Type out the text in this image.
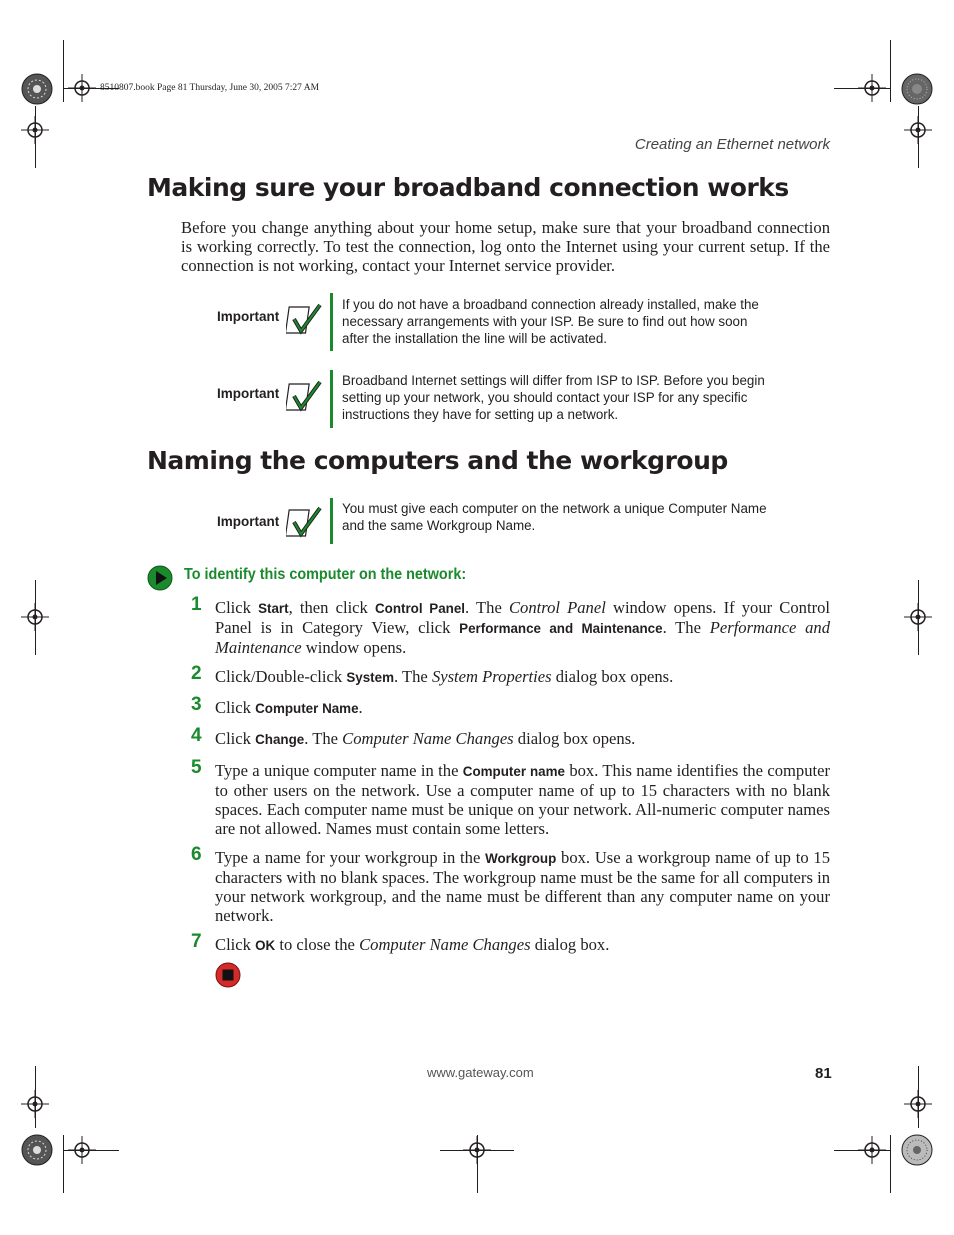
8510807.book Page 81 Thursday, June 30, 2005 7:27 AM
Creating an Ethernet network
Making sure your broadband connection works

Before you change anything about your home setup, make sure that your broadband connection is working correctly. To test the connection, log onto the Internet using your current setup. If the connection is not working, contact your Internet service provider.

Important
If you do not have a broadband connection already installed, make the necessary arrangements with your ISP. Be sure to find out how soon after the installation the line will be activated.
Important
Broadband Internet settings will differ from ISP to ISP. Before you begin setting up your network, you should contact your ISP for any specific instructions they have for setting up a network.
Naming the computers and the workgroup
Important
You must give each computer on the network a unique Computer Name and the same Workgroup Name.
To identify this computer on the network:
1 Click Start, then click Control Panel. The Control Panel window opens. If your Control Panel is in Category View, click Performance and Maintenance. The Performance and Maintenance window opens.
2 Click/Double-click System. The System Properties dialog box opens.
3 Click Computer Name.
4 Click Change. The Computer Name Changes dialog box opens.
5 Type a unique computer name in the Computer name box. This name identifies the computer to other users on the network. Use a computer name of up to 15 characters with no blank spaces. Each computer name must be unique on your network. All-numeric computer names are not allowed. Names must contain some letters.
6 Type a name for your workgroup in the Workgroup box. Use a workgroup name of up to 15 characters with no blank spaces. The workgroup name must be the same for all computers in your network workgroup, and the name must be different than any computer name on your network.
7 Click OK to close the Computer Name Changes dialog box.
www.gateway.com	81
